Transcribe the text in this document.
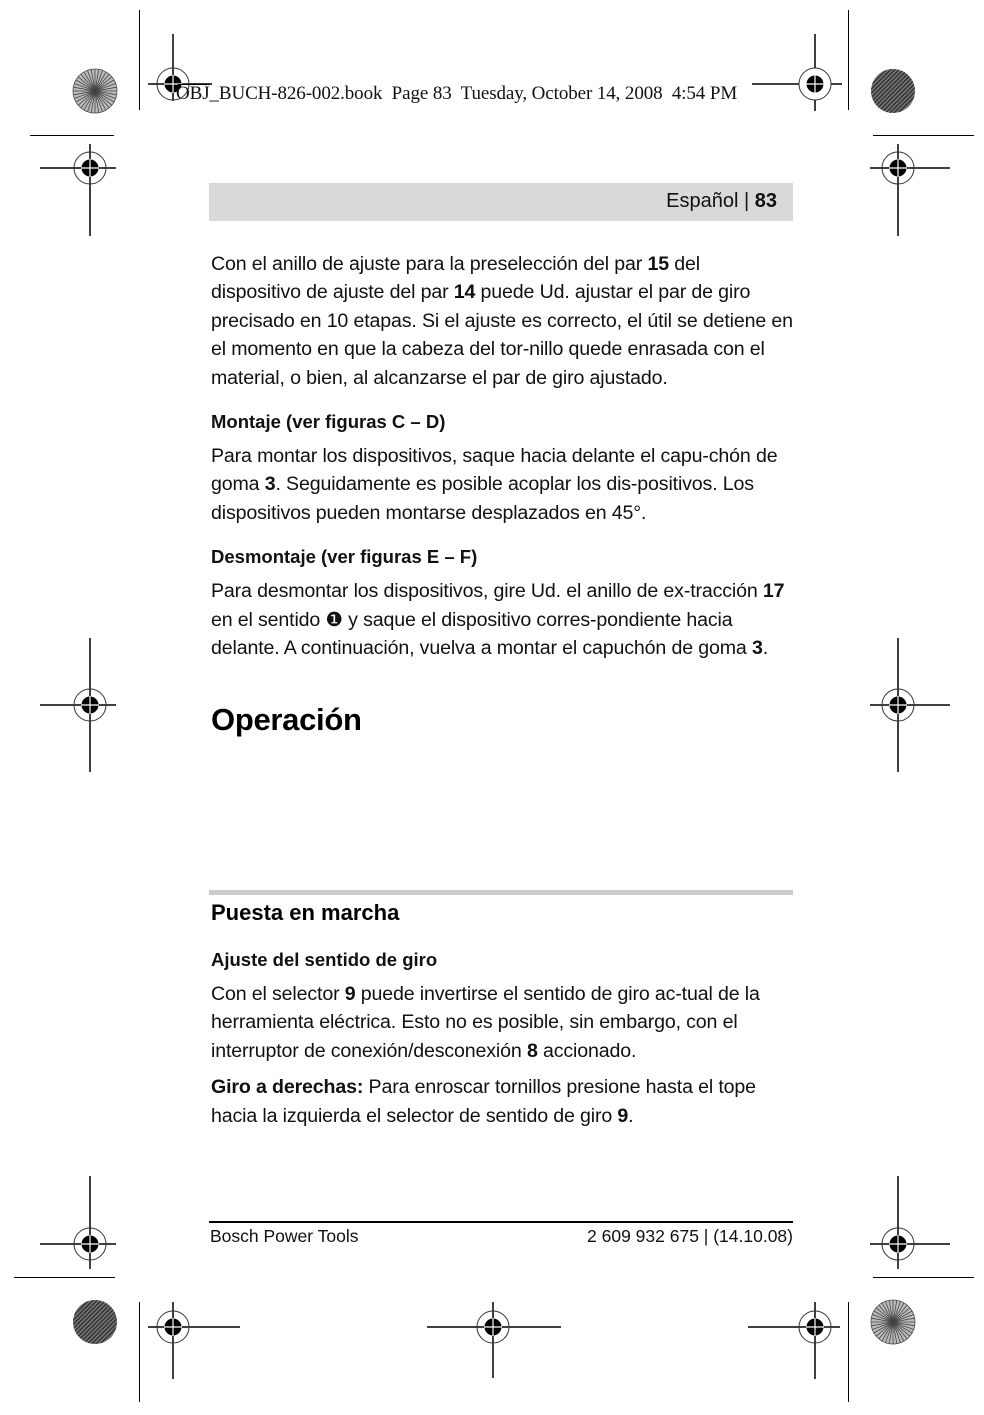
OBJ_BUCH-826-002.book  Page 83  Tuesday, October 14, 2008  4:54 PM
Español | 83

Con el anillo de ajuste para la preselección del par 15 del dispositivo de ajuste del par 14 puede Ud. ajustar el par de giro precisado en 10 etapas. Si el ajuste es correcto, el útil se detiene en el momento en que la cabeza del tor-nillo quede enrasada con el material, o bien, al alcanzarse el par de giro ajustado.

Montaje (ver figuras C – D)

Para montar los dispositivos, saque hacia delante el capu-chón de goma 3. Seguidamente es posible acoplar los dis-positivos. Los dispositivos pueden montarse desplazados en 45°.

Desmontaje (ver figuras E – F)

Para desmontar los dispositivos, gire Ud. el anillo de ex-tracción 17 en el sentido ❶ y saque el dispositivo corres-pondiente hacia delante. A continuación, vuelva a montar el capuchón de goma 3.

Operación
Puesta en marcha
Ajuste del sentido de giro

Con el selector 9 puede invertirse el sentido de giro ac-tual de la herramienta eléctrica. Esto no es posible, sin embargo, con el interruptor de conexión/desconexión 8 accionado.

Giro a derechas: Para enroscar tornillos presione hasta el tope hacia la izquierda el selector de sentido de giro 9.

Bosch Power Tools	2 609 932 675 | (14.10.08)
